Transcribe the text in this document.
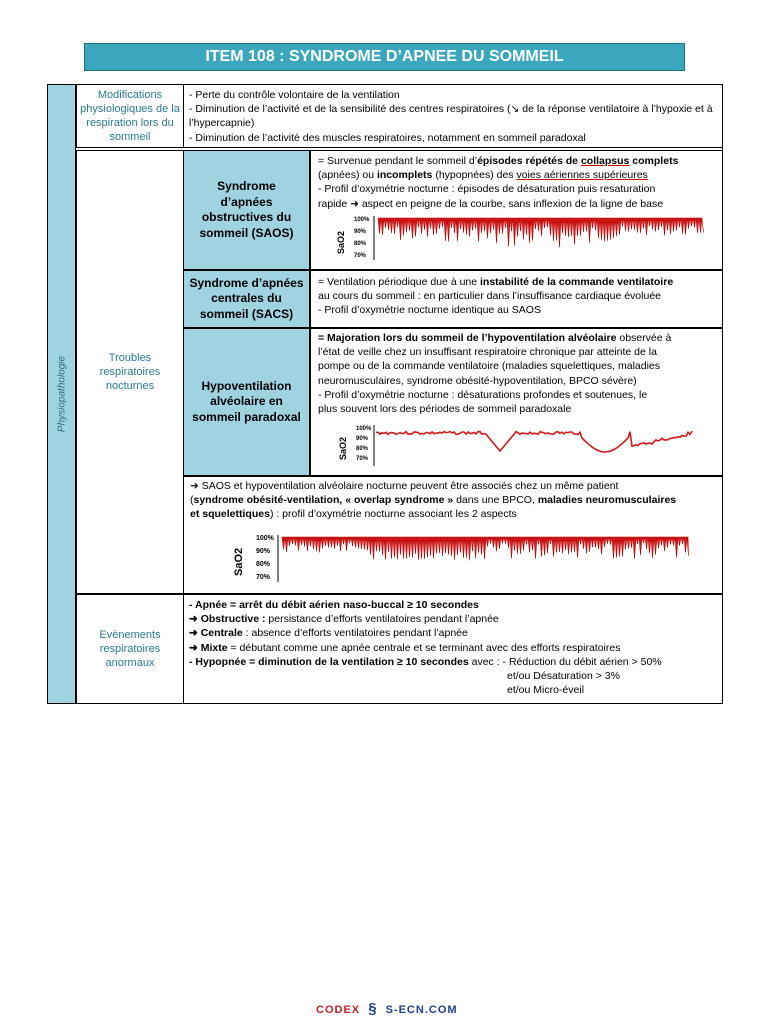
ITEM 108 : SYNDROME D’APNEE DU SOMMEIL
Physiopathologie
Modifications physiologiques de la respiration lors du sommeil
- Perte du contrôle volontaire de la ventilation
- Diminution de l’activité et de la sensibilité des centres respiratoires (↘ de la réponse ventilatoire à l’hypoxie et à l’hypercapnie)
- Diminution de l’activité des muscles respiratoires, notamment en sommeil paradoxal
Troubles respiratoires nocturnes
Syndrome d’apnées obstructives du sommeil (SAOS)
= Survenue pendant le sommeil d’épisodes répétés de collapsus complets
(apnées) ou incomplets (hypopnées) des voies aériennes supérieures
- Profil d’oxymétrie nocturne : épisodes de désaturation puis resaturation
rapide ➜ aspect en peigne de la courbe, sans inflexion de la ligne de base
SaO2
100%
90%
80%
70%
Syndrome d’apnées centrales du sommeil (SACS)
= Ventilation périodique due à une instabilité de la commande ventilatoire
au cours du sommeil : en particulier dans l’insuffisance cardiaque évoluée
- Profil d’oxymétrie nocturne identique au SAOS
Hypoventilation alvéolaire en sommeil paradoxal
= Majoration lors du sommeil de l’hypoventilation alvéolaire observée à
l’état de veille chez un insuffisant respiratoire chronique par atteinte de la
pompe ou de la commande ventilatoire (maladies squelettiques, maladies
neuromusculaires, syndrome obésité-hypoventilation, BPCO sévère)
- Profil d’oxymétrie nocturne : désaturations profondes et soutenues, le
plus souvent lors des périodes de sommeil paradoxale
SaO2
100%
90%
80%
70%
➜ SAOS et hypoventilation alvéolaire nocturne peuvent être associés chez un même patient
(syndrome obésité-ventilation, « overlap syndrome » dans une BPCO, maladies neuromusculaires
et squelettiques) : profil d’oxymétrie nocturne associant les 2 aspects
SaO2
100%
90%
80%
70%
Evènements respiratoires anormaux
- Apnée = arrêt du débit aérien naso-buccal ≥ 10 secondes
➜ Obstructive : persistance d’efforts ventilatoires pendant l’apnée
➜ Centrale : absence d’efforts ventilatoires pendant l’apnée
➜ Mixte = débutant comme une apnée centrale et se terminant avec des efforts respiratoires
- Hypopnée = diminution de la ventilation ≥ 10 secondes avec : - Réduction du débit aérien > 50%
et/ou Désaturation > 3%
et/ou Micro-éveil
CODEX § S-ECN.COM
